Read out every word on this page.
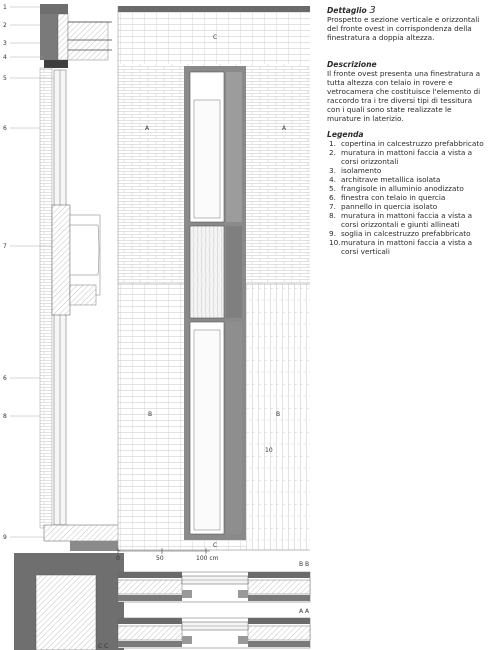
1
2
3
4
5
6
7
6
8
9
C
A	A
B	B
10
C
0	50	100 cm
B B
A A
C C
Dettaglio 3

Prospetto e sezione verticale e orizzontali del fronte ovest in corrispondenza della finestratura a doppia altezza.

Descrizione

Il fronte ovest presenta una finestratura a tutta altezza con telaio in rovere e vetrocamera che costituisce l'elemento di raccordo tra i tre diversi tipi di tessitura con i quali sono state realizzate le murature in laterizio.

Legenda
1. copertina in calcestruzzo prefabbricato
2. muratura in mattoni faccia a vista a corsi orizzontali
3. isolamento
4. architrave metallica isolata
5. frangisole in alluminio anodizzato
6. finestra con telaio in quercia
7. pannello in quercia isolato
8. muratura in mattoni faccia a vista a corsi orizzontali e giunti allineati
9. soglia in calcestruzzo prefabbricato
10. muratura in mattoni faccia a vista a corsi verticali
